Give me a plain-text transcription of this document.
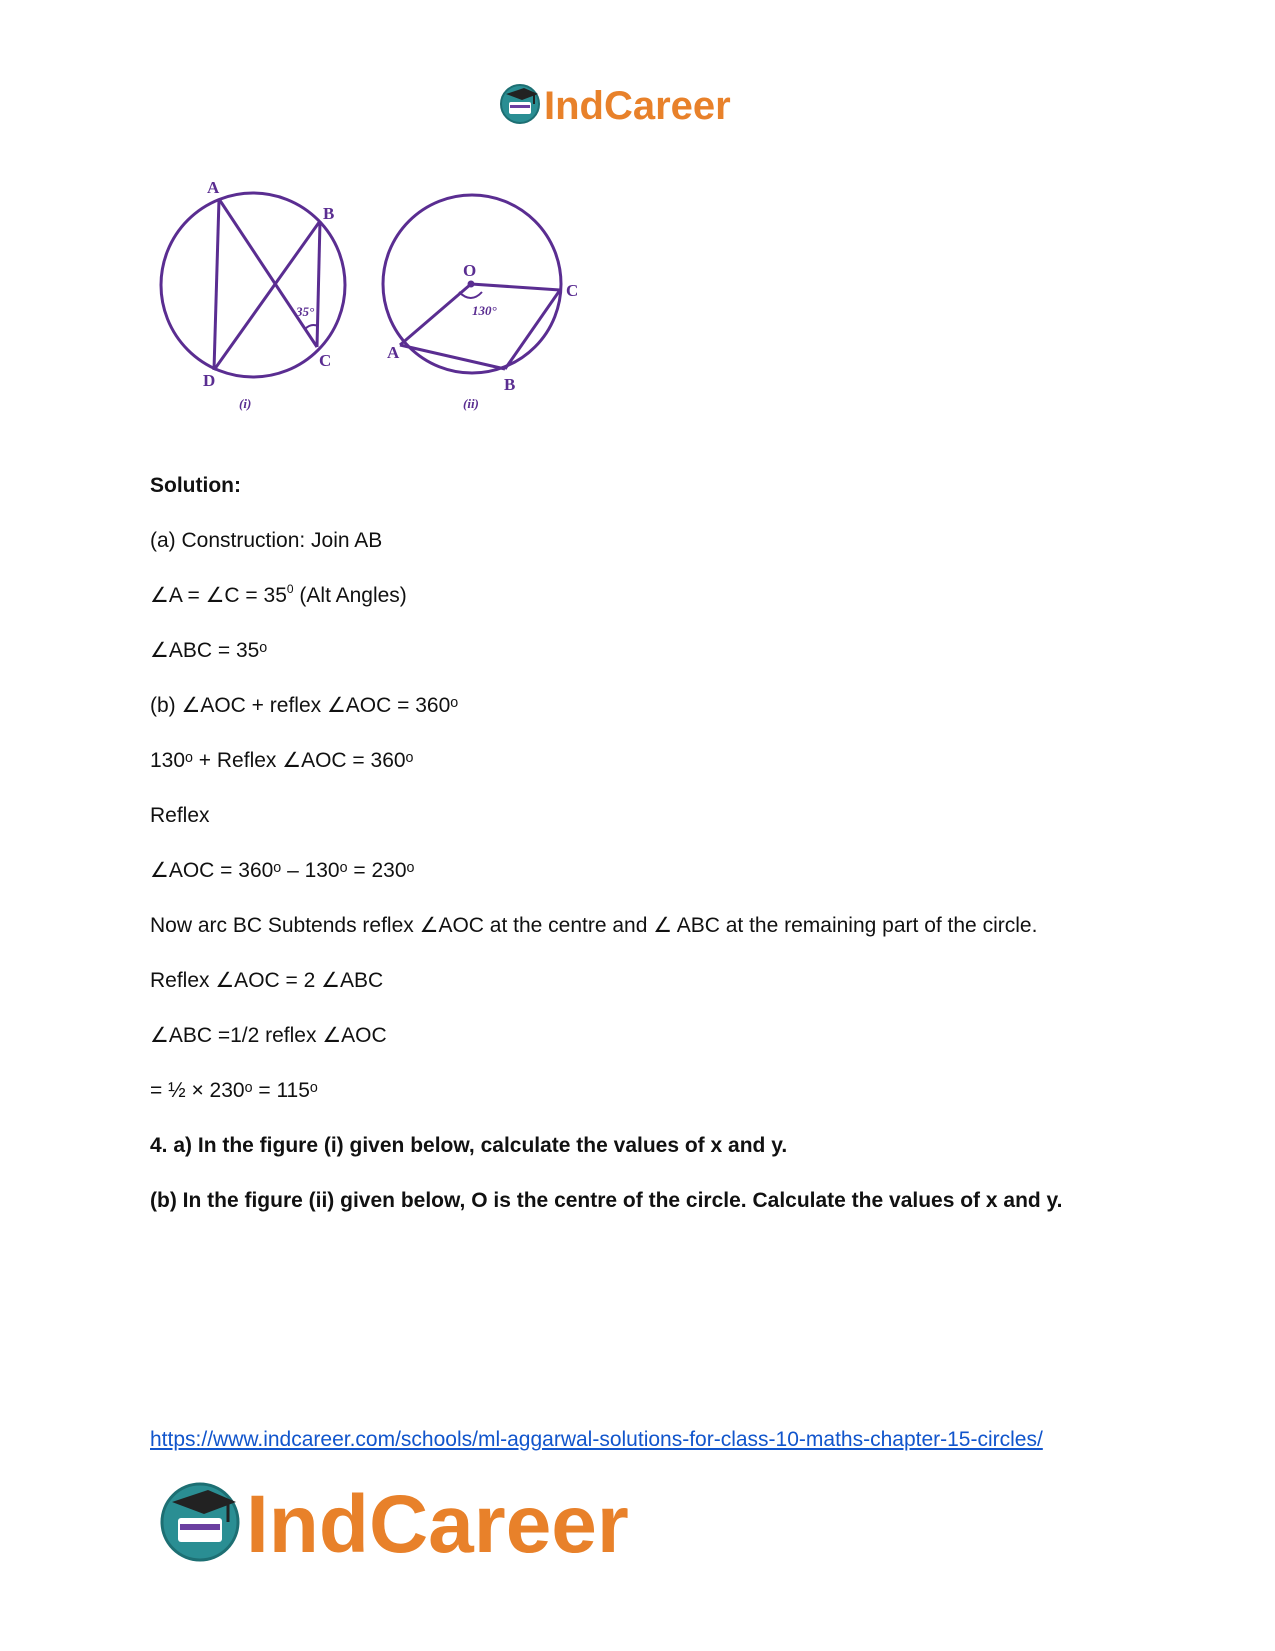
IndCareer
A
B
C
D
O
A
B
C
35°	130°
(i)	(ii)

Solution:

(a) Construction: Join AB

∠A = ∠C = $35^0$ (Alt Angles)

∠ABC = 35ᵒ

(b) ∠AOC + reflex ∠AOC = 360ᵒ

130ᵒ + Reflex ∠AOC = 360ᵒ

Reflex

∠AOC = 360ᵒ – 130ᵒ = 230ᵒ

Now arc BC Subtends reflex ∠AOC at the centre and ∠ ABC at the remaining part of the circle.

Reflex ∠AOC = 2 ∠ABC

∠ABC =1/2 reflex ∠AOC

= ½ × 230ᵒ = 115ᵒ

4. a) In the figure (i) given below, calculate the values of x and y.

(b) In the figure (ii) given below, O is the centre of the circle. Calculate the values of x and y.

https://www.indcareer.com/schools/ml-aggarwal-solutions-for-class-10-maths-chapter-15-circles/
IndCareer
